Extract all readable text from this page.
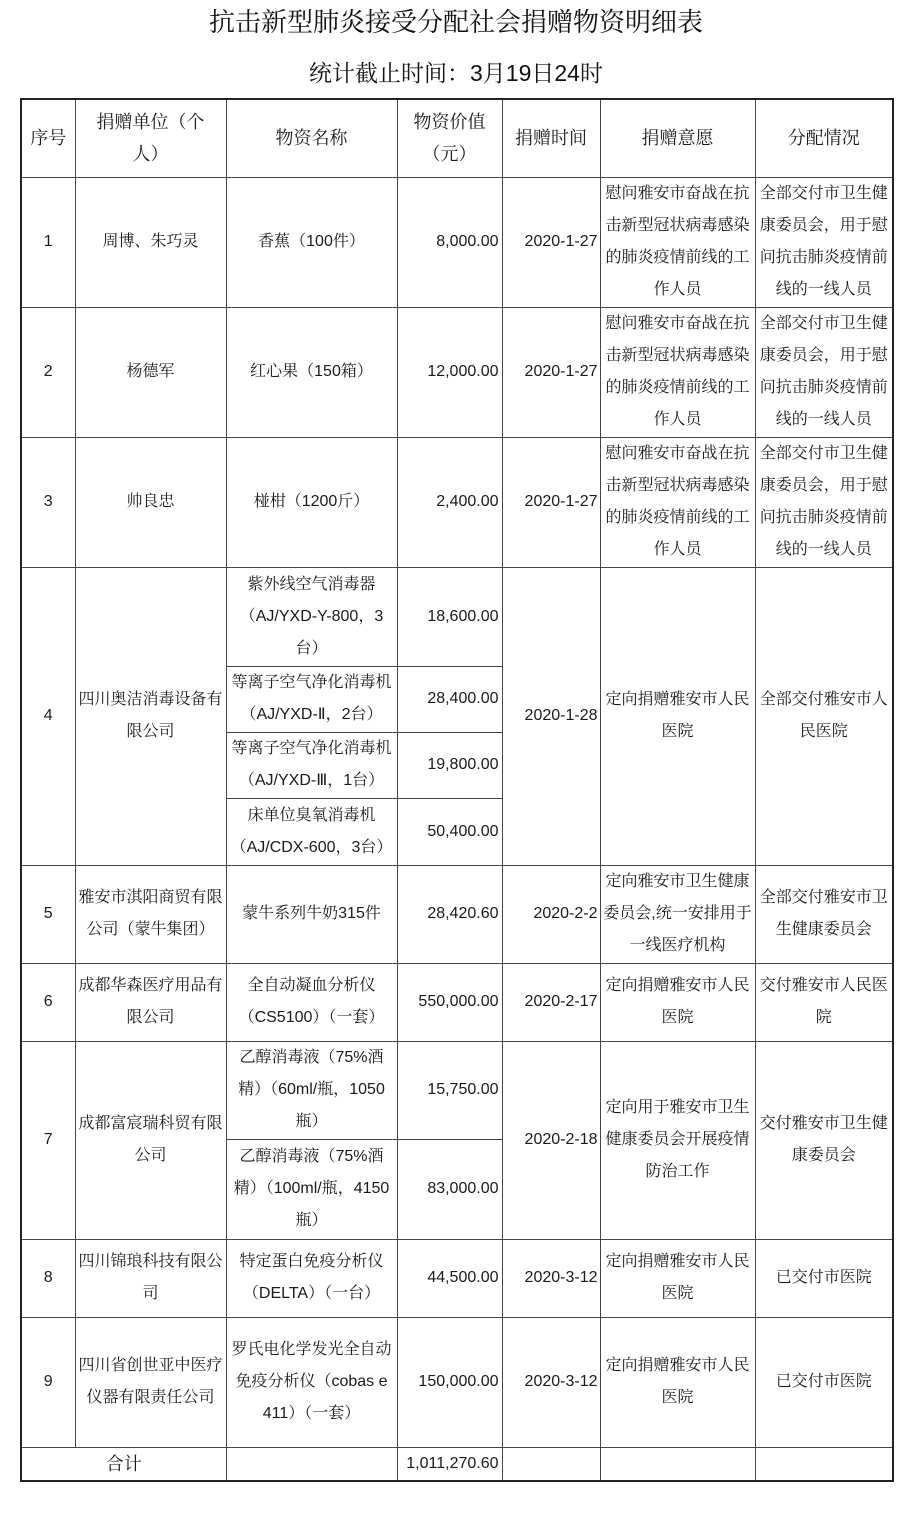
抗击新型肺炎接受分配社会捐赠物资明细表
统计截止时间：3月19日24时
序号	捐赠单位（个人）	物资名称	物资价值（元）	捐赠时间	捐赠意愿	分配情况
1	周博、朱巧灵	香蕉（100件）	8,000.00	2020-1-27	慰问雅安市奋战在抗击新型冠状病毒感染的肺炎疫情前线的工作人员	全部交付市卫生健康委员会，用于慰问抗击肺炎疫情前线的一线人员
2	杨德军	红心果（150箱）	12,000.00	2020-1-27	慰问雅安市奋战在抗击新型冠状病毒感染的肺炎疫情前线的工作人员	全部交付市卫生健康委员会，用于慰问抗击肺炎疫情前线的一线人员
3	帅良忠	椪柑（1200斤）	2,400.00	2020-1-27	慰问雅安市奋战在抗击新型冠状病毒感染的肺炎疫情前线的工作人员	全部交付市卫生健康委员会，用于慰问抗击肺炎疫情前线的一线人员
4	四川奥洁消毒设备有限公司	紫外线空气消毒器（AJ/YXD-Y-800，3台）	18,600.00	2020-1-28	定向捐赠雅安市人民医院	全部交付雅安市人民医院
		等离子空气净化消毒机（AJ/YXD-Ⅱ，2台）	28,400.00			
		等离子空气净化消毒机（AJ/YXD-Ⅲ，1台）	19,800.00			
		床单位臭氧消毒机（AJ/CDX-600，3台）	50,400.00			
5	雅安市淇阳商贸有限公司（蒙牛集团）	蒙牛系列牛奶315件	28,420.60	2020-2-2	定向雅安市卫生健康委员会,统一安排用于一线医疗机构	全部交付雅安市卫生健康委员会
6	成都华森医疗用品有限公司	全自动凝血分析仪（CS5100）（一套）	550,000.00	2020-2-17	定向捐赠雅安市人民医院	交付雅安市人民医院
7	成都富宸瑞科贸有限公司	乙醇消毒液（75%酒精）（60ml/瓶，1050瓶）	15,750.00	2020-2-18	定向用于雅安市卫生健康委员会开展疫情防治工作	交付雅安市卫生健康委员会
		乙醇消毒液（75%酒精）（100ml/瓶，4150瓶）	83,000.00			
8	四川锦琅科技有限公司	特定蛋白免疫分析仪（DELTA）（一台）	44,500.00	2020-3-12	定向捐赠雅安市人民医院	已交付市医院
9	四川省创世亚中医疗仪器有限责任公司	罗氏电化学发光全自动免疫分析仪（cobas e 411）（一套）	150,000.00	2020-3-12	定向捐赠雅安市人民医院	已交付市医院
合计			1,011,270.60			
